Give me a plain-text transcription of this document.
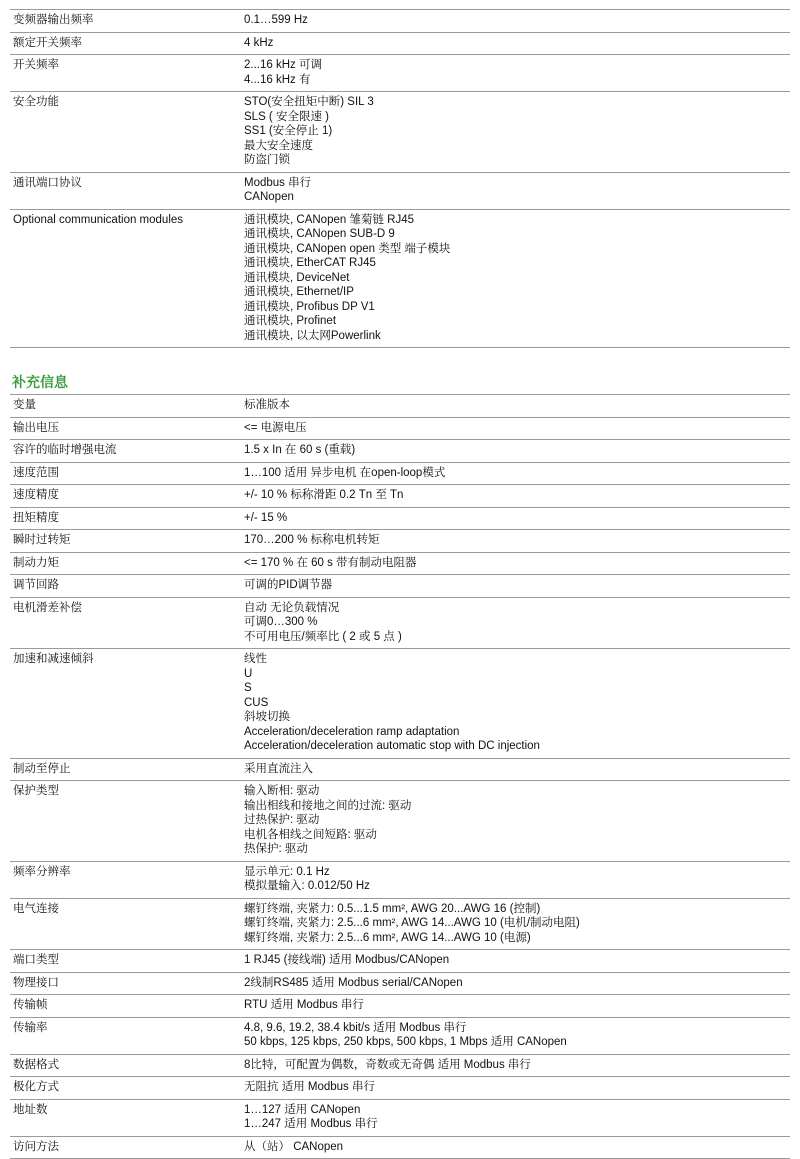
变频器输出频率	0.1…599 Hz
额定开关频率	4 kHz
开关频率	2...16 kHz 可调
4...16 kHz 有
安全功能	STO(安全扭矩中断) SIL 3
SLS ( 安全限速 )
SS1 (安全停止 1)
最大安全速度
防盗门锁
通讯端口协议	Modbus 串行
CANopen
Optional communication modules	通讯模块, CANopen 雏菊链 RJ45
通讯模块, CANopen SUB-D 9
通讯模块, CANopen open 类型 端子模块
通讯模块, EtherCAT RJ45
通讯模块, DeviceNet
通讯模块, Ethernet/IP
通讯模块, Profibus DP V1
通讯模块, Profinet
通讯模块, 以太网Powerlink
补充信息
变量	标准版本
输出电压	<= 电源电压
容许的临时增强电流	1.5 x In 在 60 s (重载)
速度范围	1…100 适用 异步电机 在open-loop模式
速度精度	+/- 10 % 标称滑距 0.2 Tn 至 Tn
扭矩精度	+/- 15 %
瞬时过转矩	170…200 % 标称电机转矩
制动力矩	<= 170 % 在 60 s 带有制动电阻器
调节回路	可调的PID调节器
电机滑差补偿	自动 无论负载情况
可调0…300 %
不可用电压/频率比 ( 2 或 5 点 )
加速和减速倾斜	线性
U
S
CUS
斜坡切换
Acceleration/deceleration ramp adaptation
Acceleration/deceleration automatic stop with DC injection
制动至停止	采用直流注入
保护类型	输入断相: 驱动
输出相线和接地之间的过流: 驱动
过热保护: 驱动
电机各相线之间短路: 驱动
热保护: 驱动
频率分辨率	显示单元: 0.1 Hz
模拟量输入: 0.012/50 Hz
电气连接	螺钉终端, 夹紧力: 0.5...1.5 mm², AWG 20...AWG 16 (控制)
螺钉终端, 夹紧力: 2.5...6 mm², AWG 14...AWG 10 (电机/制动电阻)
螺钉终端, 夹紧力: 2.5...6 mm², AWG 14...AWG 10 (电源)
端口类型	1 RJ45 (接线端) 适用 Modbus/CANopen
物理接口	2线制RS485 适用 Modbus serial/CANopen
传输帧	RTU 适用 Modbus 串行
传输率	4.8, 9.6, 19.2, 38.4 kbit/s 适用 Modbus 串行
50 kbps, 125 kbps, 250 kbps, 500 kbps, 1 Mbps 适用 CANopen
数据格式	8比特，可配置为偶数，奇数或无奇偶 适用 Modbus 串行
极化方式	无阻抗 适用 Modbus 串行
地址数	1…127 适用 CANopen
1…247 适用 Modbus 串行
访问方法	从（站） CANopen
